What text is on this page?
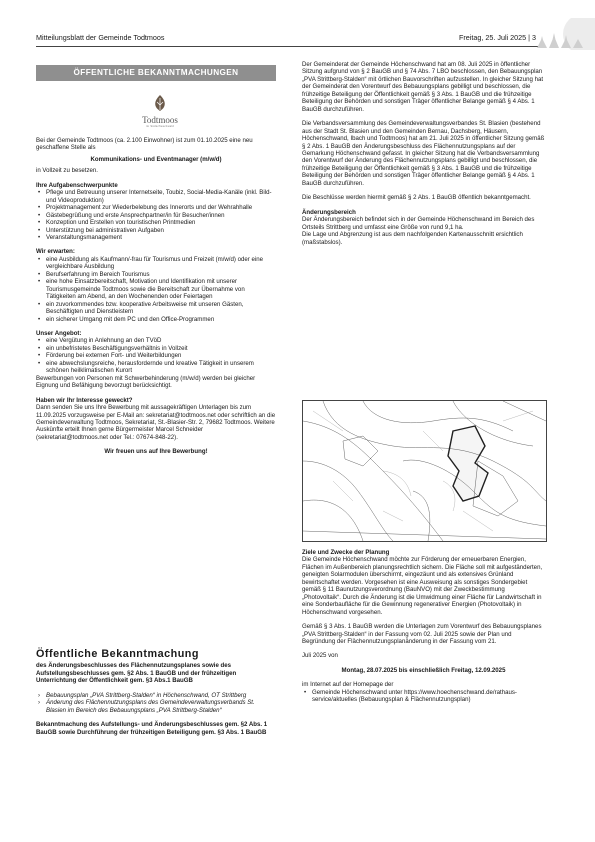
Mitteilungsblatt der Gemeinde Todtmoos	Freitag, 25. Juli 2025 | 3
ÖFFENTLICHE BEKANNTMACHUNGEN
Todtmoos
im Südschwarzwald

Bei der Gemeinde Todtmoos (ca. 2.100 Einwohner) ist zum 01.10.2025 eine neu geschaffene Stelle als

Kommunikations- und Eventmanager (m/w/d)

in Vollzeit zu besetzen.

Ihre Aufgabenschwerpunkte

• Pflege und Betreuung unserer Internetseite, Toubiz, Social-Media-Kanäle (inkl. Bild- und Videoproduktion)
• Projektmanagement zur Wiederbelebung des Innerorts und der Wehrahhalle
• Gästebegrüßung und erste Ansprechpartner/in für Besucher/innen
• Konzeption und Erstellen von touristischen Printmedien
• Unterstützung bei administrativen Aufgaben
• Veranstaltungsmanagement

Wir erwarten:

• eine Ausbildung als Kaufmann/-frau für Tourismus und Freizeit (m/w/d) oder eine vergleichbare Ausbildung
• Berufserfahrung im Bereich Tourismus
• eine hohe Einsatzbereitschaft, Motivation und Identifikation mit unserer Tourismusgemeinde Todtmoos sowie die Bereitschaft zur Übernahme von Tätigkeiten am Abend, an den Wochenenden oder Feiertagen
• ein zuvorkommendes bzw. kooperative Arbeitsweise mit unseren Gästen, Beschäftigten und Dienstleistern
• ein sicherer Umgang mit dem PC und den Office-Programmen

Unser Angebot:

• eine Vergütung in Anlehnung an den TVöD
• ein unbefristetes Beschäftigungsverhältnis in Vollzeit
• Förderung bei externen Fort- und Weiterbildungen
• eine abwechslungsreiche, herausfordernde und kreative Tätigkeit in unserem schönen heilklimatischen Kurort

Bewerbungen von Personen mit Schwerbehinderung (m/w/d) werden bei gleicher Eignung und Befähigung bevorzugt berücksichtigt.

Haben wir Ihr Interesse geweckt?

Dann senden Sie uns Ihre Bewerbung mit aussagekräftigen Unterlagen bis zum 11.09.2025 vorzugsweise per E-Mail an: sekretariat@todtmoos.net oder schriftlich an die Gemeindeverwaltung Todtmoos, Sekretariat, St.-Blasier-Str. 2, 79682 Todtmoos. Weitere Auskünfte erteilt Ihnen gerne Bürgermeister Marcel Schneider (sekretariat@todtmoos.net oder Tel.: 07674-848-22).

Wir freuen uns auf Ihre Bewerbung!

Öffentliche Bekanntmachung

des Änderungsbeschlusses des Flächennutzungsplanes sowie des Aufstellungsbeschlusses gem. §2 Abs. 1 BauGB und der frühzeitigen Unterrichtung der Öffentlichkeit gem. §3 Abs.1 BauGB

› Bebauungsplan „PVA Strittberg-Stalden“ in Höchenschwand, OT Strittberg
› Änderung des Flächennutzungsplans des Gemeindeverwaltungsverbands St. Blasien im Bereich des Bebauungsplans „PVA Strittberg-Stalden“

Bekanntmachung des Aufstellungs- und Änderungsbeschlusses gem. §2 Abs. 1 BauGB sowie Durchführung der frühzeitigen Beteiligung gem. §3 Abs. 1 BauGB

Der Gemeinderat der Gemeinde Höchenschwand hat am 08. Juli 2025 in öffentlicher Sitzung aufgrund von § 2 BauGB und § 74 Abs. 7 LBO beschlossen, den Bebauungsplan „PVA Strittberg-Stalden“ mit örtlichen Bauvorschriften aufzustellen. In gleicher Sitzung hat der Gemeinderat den Vorentwurf des Bebauungsplans gebilligt und beschlossen, die frühzeitige Beteiligung der Öffentlichkeit gemäß § 3 Abs. 1 BauGB und die frühzeitige Beteiligung der Behörden und sonstigen Träger öffentlicher Belange gemäß § 4 Abs. 1 BauGB durchzuführen.

Die Verbandsversammlung des Gemeindeverwaltungsverbandes St. Blasien (bestehend aus der Stadt St. Blasien und den Gemeinden Bernau, Dachsberg, Häusern, Höchenschwand, Ibach und Todtmoos) hat am 21. Juli 2025 in öffentlicher Sitzung gemäß § 2 Abs. 1 BauGB den Änderungsbeschluss des Flächennutzungsplans auf der Gemarkung Höchenschwand gefasst. In gleicher Sitzung hat die Verbandsversammlung den Vorentwurf der Änderung des Flächennutzungsplans gebilligt und beschlossen, die frühzeitige Beteiligung der Öffentlichkeit gemäß § 3 Abs. 1 BauGB und die frühzeitige Beteiligung der Behörden und sonstigen Träger öffentlicher Belange gemäß § 4 Abs. 1 BauGB durchzuführen.

Die Beschlüsse werden hiermit gemäß § 2 Abs. 1 BauGB öffentlich bekanntgemacht.

Änderungsbereich

Der Änderungsbereich befindet sich in der Gemeinde Höchenschwand im Bereich des Ortsteils Strittberg und umfasst eine Größe von rund 9,1 ha.

Die Lage und Abgrenzung ist aus dem nachfolgenden Kartenausschnitt ersichtlich (maßstabslos).

Ziele und Zwecke der Planung

Die Gemeinde Höchenschwand möchte zur Förderung der erneuerbaren Energien, Flächen im Außenbereich planungsrechtlich sichern. Die Fläche soll mit aufgeständerten, geneigten Solarmodulen überschirmt, eingezäunt und als extensives Grünland bewirtschaftet werden. Vorgesehen ist eine Ausweisung als sonstiges Sondergebiet gemäß § 11 Baunutzungsverordnung (BauNVO) mit der Zweckbestimmung „Photovoltaik“. Durch die Änderung ist die Umwidmung einer Fläche für Landwirtschaft in eine Sonderbaufläche für die Gewinnung regenerativer Energien (Photovoltaik) in Höchenschwand vorgesehen.

Gemäß § 3 Abs. 1 BauGB werden die Unterlagen zum Vorentwurf des Bebauungsplanes „PVA Strittberg-Stalden“ in der Fassung vom 02. Juli 2025 sowie der Plan und Begründung der Flächennutzungsplanänderung in der Fassung vom 21.

Juli 2025 von

Montag, 28.07.2025 bis einschließlich Freitag, 12.09.2025

im Internet auf der Homepage der

• Gemeinde Höchenschwand unter https://www.hoechenschwand.de/rathaus-service/aktuelles (Bebauungsplan & Flächennutzungsplan)
